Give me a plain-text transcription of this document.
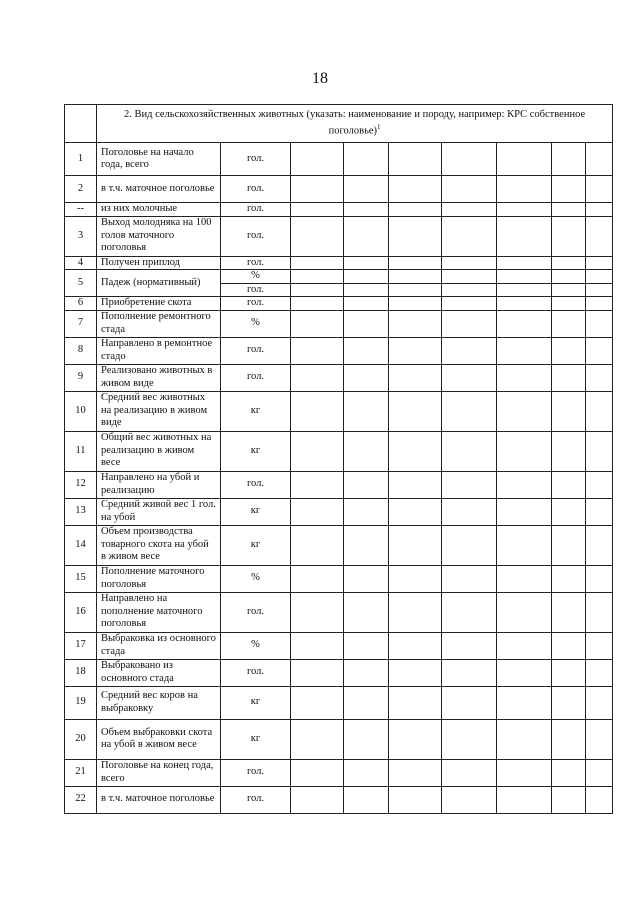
18
	2. Вид сельскохозяйственных животных (указать: наименование и породу, например: КРС собственное поголовье)$^1$
1	Поголовье на начало года, всего	гол.							
2	в т.ч. маточное поголовье	гол.							
--	из них молочные	гол.							
3	Выход молодняка на 100 голов маточного поголовья	гол.							
4	Получен приплод	гол.							
5	Падеж (нормативный)	%							
		гол.							
6	Приобретение скота	гол.							
7	Пополнение ремонтного стада	%							
8	Направлено в ремонтное стадо	гол.							
9	Реализовано животных в живом виде	гол.							
10	Средний вес животных на реализацию в живом виде	кг							
11	Общий вес животных на реализацию в живом весе	кг							
12	Направлено на убой и реализацию	гол.							
13	Средний живой вес 1 гол. на убой	кг							
14	Объем производства товарного скота на убой в живом весе	кг							
15	Пополнение маточного поголовья	%							
16	Направлено на пополнение маточного поголовья	гол.							
17	Выбраковка из основного стада	%							
18	Выбраковано из основного стада	гол.							
19	Средний вес коров на выбраковку	кг							
20	Объем выбраковки скота на убой в живом весе	кг							
21	Поголовье на конец года, всего	гол.							
22	в т.ч. маточное поголовье	гол.							
